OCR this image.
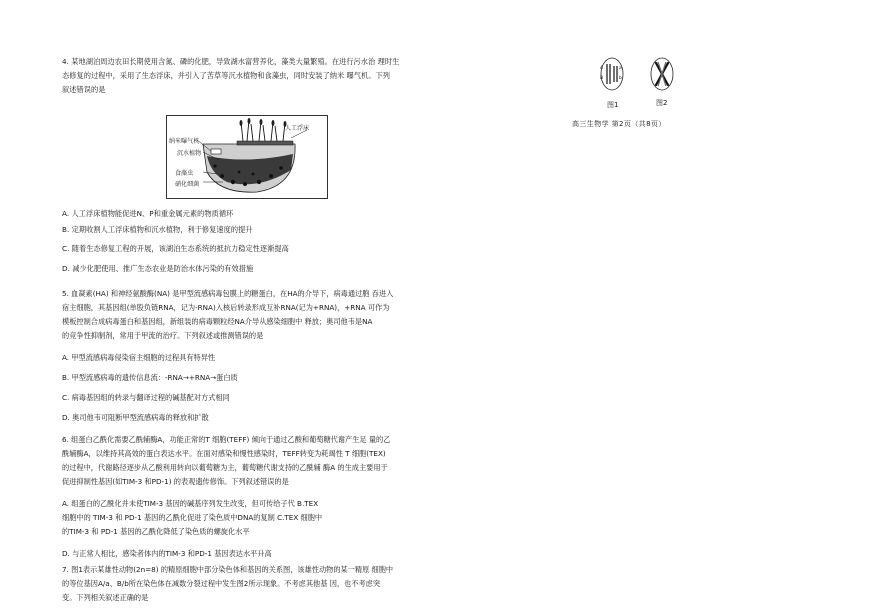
4. 某地湖泊周边农田长期使用含氮、磷的化肥，导致湖水富营养化，藻类大量繁殖。在进行污水治 理时生
态修复的过程中，采用了生态浮床，并引入了苦草等沉水植物和食藻虫，同时安装了纳米 曝气机。下列
叙述错误的是
人工浮床
纳米曝气机
沉水植物
食藻虫
硝化细菌
A. 人工浮床植物能促进N、P和重金属元素的物质循环
B. 定期收割人工浮床植物和沉水植物，利于修复速度的提升
C. 随着生态修复工程的开展，该湖泊生态系统的抵抗力稳定性逐渐提高
D. 减少化肥使用、推广生态农业是防治水体污染的有效措施
5. 血凝素(HA) 和神经氨酸酶(NA) 是甲型流感病毒包膜上的糖蛋白，在HA的介导下，病毒通过胞 吞进入
宿主细胞，其基因组(单股负链RNA，记为-RNA)入核后转录形成互补RNA(记为+RNA)，+RNA 可作为
模板控制合成病毒蛋白和基因组，新组装的病毒颗粒经NA介导从感染细胞中 释放；奥司他韦是NA
的竞争性抑制剂，常用于甲流的治疗。下列叙述或推测错误的是
A. 甲型流感病毒侵染宿主细胞的过程具有特异性
B. 甲型流感病毒的遗传信息流：-RNA→+RNA→蛋白质
C. 病毒基因组的转录与翻译过程的碱基配对方式相同
D. 奥司他韦可阻断甲型流感病毒的释放和扩散
6. 组蛋白乙酰化需要乙酰辅酶A，功能正常的T 细胞(TEFF) 倾向于通过乙酸和葡萄糖代谢产生足 量的乙
酰辅酶A，以维持其高效的蛋白表达水平。在面对感染和慢性感染时，TEFF转变为耗竭性 T 细胞(TEX)
的过程中，代谢路径逐步从乙酸利用转向以葡萄糖为主，葡萄糖代谢支持的乙酰辅 酶A 的生成主要用于
促进抑制性基因(如TIM-3 和PD-1) 的表观遗传修饰。下列叙述错误的是
A. 组蛋白的乙酰化并未使TIM-3 基因的碱基序列发生改变，但可传给子代 B.TEX
细胞中的 TIM-3 和 PD-1 基因的乙酰化促进了染色质中DNA的复制 C.TEX 细胞中
的TIM-3 和 PD-1 基因的乙酰化降低了染色质的螺旋化水平
D. 与正常人相比，感染者体内的TIM-3 和PD-1 基因表达水平升高
7. 图1表示某雄性动物(2n=8) 的精原细胞中部分染色体和基因的关系图，该雄性动物的某一精原 细胞中
的等位基因A/a、B/b所在染色体在减数分裂过程中发生图2所示现象。不考虑其他基 因，也不考虑突
变。下列相关叙述正确的是
A	a
B	b
图1	图2
高三生物学 第2页（共8页）
